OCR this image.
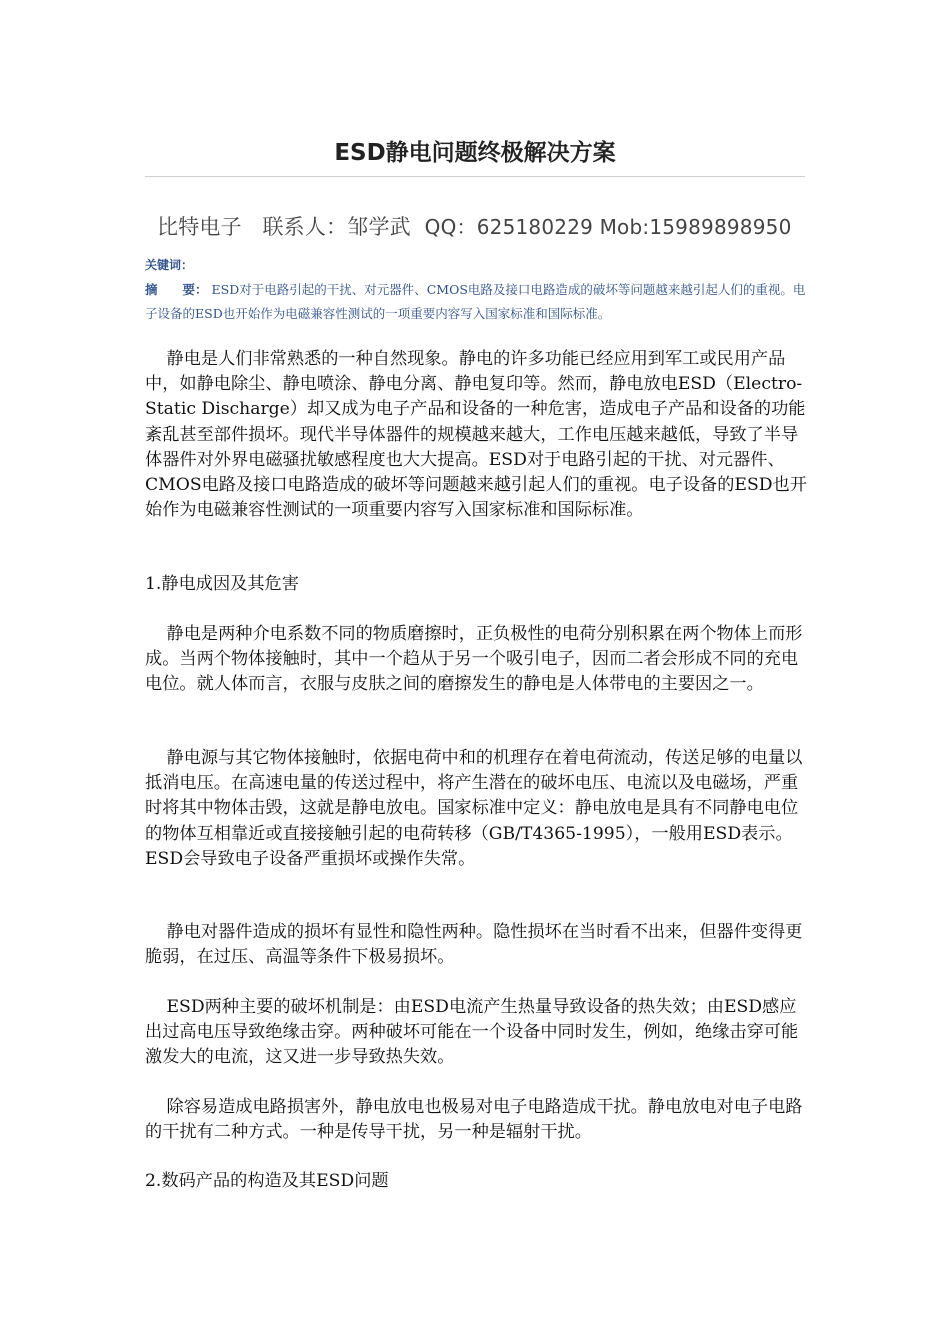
ESD静电问题终极解决方案
比特电子 联系人：邹学武 QQ：625180229 Mob:15989898950
关键词：
摘　　要： ESD对于电路引起的干扰、对元器件、CMOS电路及接口电路造成的破坏等问题越来越引起人们的重视。电子设备的ESD也开始作为电磁兼容性测试的一项重要内容写入国家标准和国际标准。

静电是人们非常熟悉的一种自然现象。静电的许多功能已经应用到军工或民用产品中，如静电除尘、静电喷涂、静电分离、静电复印等。然而，静电放电ESD（Electro-Static Discharge）却又成为电子产品和设备的一种危害，造成电子产品和设备的功能紊乱甚至部件损坏。现代半导体器件的规模越来越大，工作电压越来越低，导致了半导体器件对外界电磁骚扰敏感程度也大大提高。ESD对于电路引起的干扰、对元器件、CMOS电路及接口电路造成的破坏等问题越来越引起人们的重视。电子设备的ESD也开始作为电磁兼容性测试的一项重要内容写入国家标准和国际标准。

1.静电成因及其危害

静电是两种介电系数不同的物质磨擦时，正负极性的电荷分别积累在两个物体上而形成。当两个物体接触时，其中一个趋从于另一个吸引电子，因而二者会形成不同的充电电位。就人体而言，衣服与皮肤之间的磨擦发生的静电是人体带电的主要因之一。

静电源与其它物体接触时，依据电荷中和的机理存在着电荷流动，传送足够的电量以抵消电压。在高速电量的传送过程中，将产生潜在的破坏电压、电流以及电磁场，严重时将其中物体击毁，这就是静电放电。国家标准中定义：静电放电是具有不同静电电位的物体互相靠近或直接接触引起的电荷转移（GB/T4365-1995），一般用ESD表示。ESD会导致电子设备严重损坏或操作失常。

静电对器件造成的损坏有显性和隐性两种。隐性损坏在当时看不出来，但器件变得更脆弱，在过压、高温等条件下极易损坏。

ESD两种主要的破坏机制是：由ESD电流产生热量导致设备的热失效；由ESD感应出过高电压导致绝缘击穿。两种破坏可能在一个设备中同时发生，例如，绝缘击穿可能激发大的电流，这又进一步导致热失效。

除容易造成电路损害外，静电放电也极易对电子电路造成干扰。静电放电对电子电路的干扰有二种方式。一种是传导干扰，另一种是辐射干扰。

2.数码产品的构造及其ESD问题
